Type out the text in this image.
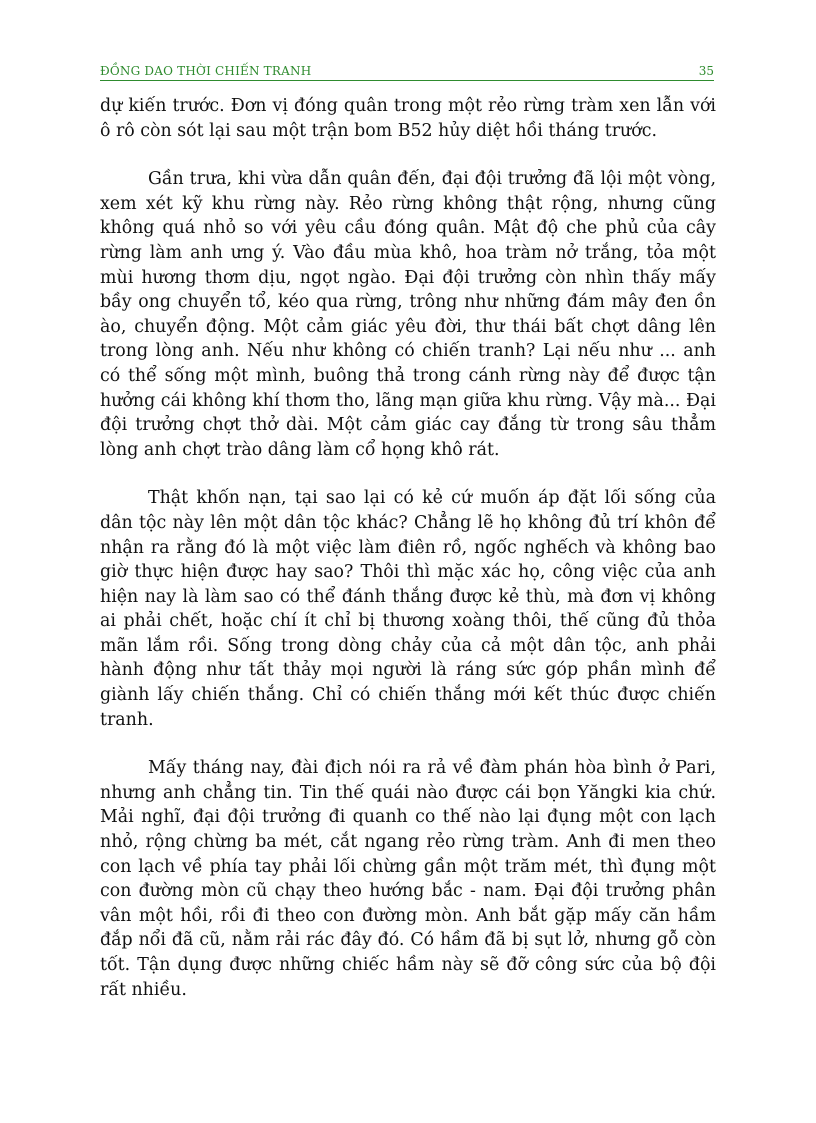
ĐỒNG DAO THỜI CHIẾN TRANH	35

dự kiến trước. Đơn vị đóng quân trong một rẻo rừng tràm xen lẫn với ô rô còn sót lại sau một trận bom B52 hủy diệt hồi tháng trước.

Gần trưa, khi vừa dẫn quân đến, đại đội trưởng đã lội một vòng, xem xét kỹ khu rừng này. Rẻo rừng không thật rộng, nhưng cũng không quá nhỏ so với yêu cầu đóng quân. Mật độ che phủ của cây rừng làm anh ưng ý. Vào đầu mùa khô, hoa tràm nở trắng, tỏa một mùi hương thơm dịu, ngọt ngào. Đại đội trưởng còn nhìn thấy mấy bầy ong chuyển tổ, kéo qua rừng, trông như những đám mây đen ồn ào, chuyển động. Một cảm giác yêu đời, thư thái bất chợt dâng lên trong lòng anh. Nếu như không có chiến tranh? Lại nếu như ... anh có thể sống một mình, buông thả trong cánh rừng này để được tận hưởng cái không khí thơm tho, lãng mạn giữa khu rừng. Vậy mà... Đại đội trưởng chợt thở dài. Một cảm giác cay đắng từ trong sâu thẳm lòng anh chợt trào dâng làm cổ họng khô rát.

Thật khốn nạn, tại sao lại có kẻ cứ muốn áp đặt lối sống của dân tộc này lên một dân tộc khác? Chẳng lẽ họ không đủ trí khôn để nhận ra rằng đó là một việc làm điên rồ, ngốc nghếch và không bao giờ thực hiện được hay sao? Thôi thì mặc xác họ, công việc của anh hiện nay là làm sao có thể đánh thắng được kẻ thù, mà đơn vị không ai phải chết, hoặc chí ít chỉ bị thương xoàng thôi, thế cũng đủ thỏa mãn lắm rồi. Sống trong dòng chảy của cả một dân tộc, anh phải hành động như tất thảy mọi người là ráng sức góp phần mình để giành lấy chiến thắng. Chỉ có chiến thắng mới kết thúc được chiến tranh.

Mấy tháng nay, đài địch nói ra rả về đàm phán hòa bình ở Pari, nhưng anh chẳng tin. Tin thế quái nào được cái bọn Yăngki kia chứ. Mải nghĩ, đại đội trưởng đi quanh co thế nào lại đụng một con lạch nhỏ, rộng chừng ba mét, cắt ngang rẻo rừng tràm. Anh đi men theo con lạch về phía tay phải lối chừng gần một trăm mét, thì đụng một con đường mòn cũ chạy theo hướng bắc - nam. Đại đội trưởng phân vân một hồi, rồi đi theo con đường mòn. Anh bắt gặp mấy căn hầm đắp nổi đã cũ, nằm rải rác đây đó. Có hầm đã bị sụt lở, nhưng gỗ còn tốt. Tận dụng được những chiếc hầm này sẽ đỡ công sức của bộ đội rất nhiều.
